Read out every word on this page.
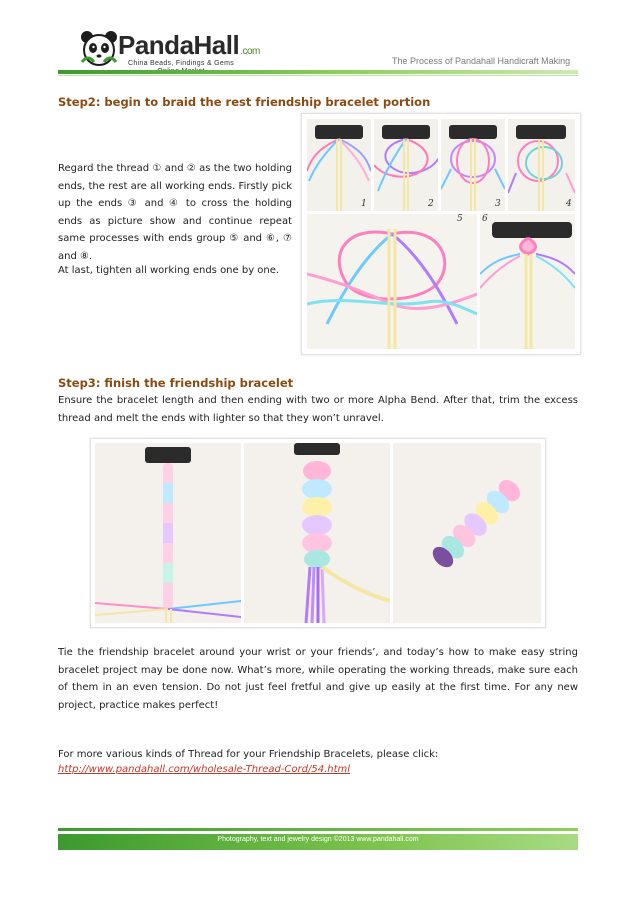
PandaHall.com
China Beads, Findings & Gems	The Process of Pandahall Handicraft Making
Step2: begin to braid the rest friendship bracelet portion

Regard the thread ① and ② as the two holding ends, the rest are all working ends. Firstly pick up the ends ③ and ④ to cross the holding ends as picture show and continue repeat same processes with ends group ⑤ and ⑥, ⑦ and ⑧.

At last, tighten all working ends one by one.

1	2	3	4
5 6
Step3: finish the friendship bracelet

Ensure the bracelet length and then ending with two or more Alpha Bend. After that, trim the excess thread and melt the ends with lighter so that they won’t unravel.

Tie the friendship bracelet around your wrist or your friends’, and today’s how to make easy string bracelet project may be done now. What’s more, while operating the working threads, make sure each of them in an even tension. Do not just feel fretful and give up easily at the first time. For any new project, practice makes perfect!

For more various kinds of Thread for your Friendship Bracelets, please click:

http://www.pandahall.com/wholesale-Thread-Cord/54.html
Photography, text and jewelry design ©2013 www.pandahall.com
